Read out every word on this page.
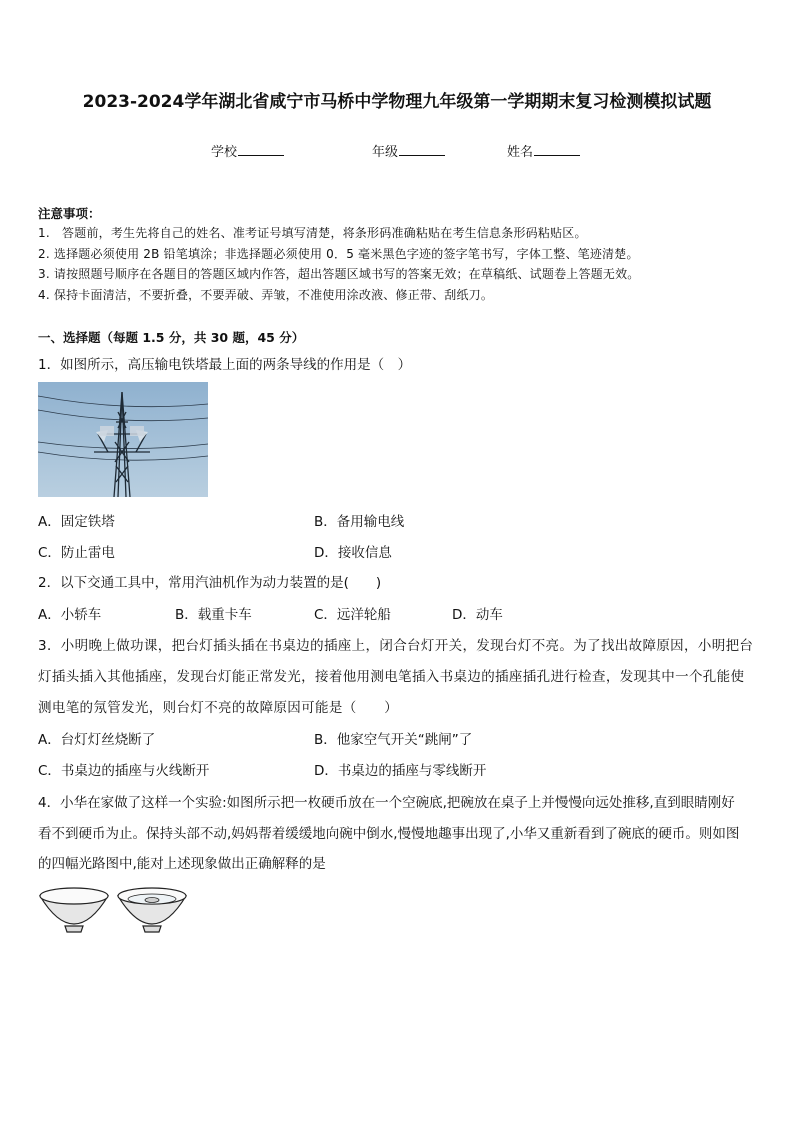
2023-2024学年湖北省咸宁市马桥中学物理九年级第一学期期末复习检测模拟试题
学校	年级	姓名
注意事项：
1.　答题前，考生先将自己的姓名、准考证号填写清楚，将条形码准确粘贴在考生信息条形码粘贴区。
2. 选择题必须使用 2B 铅笔填涂；非选择题必须使用 0．5 毫米黑色字迹的签字笔书写，字体工整、笔迹清楚。
3. 请按照题号顺序在各题目的答题区域内作答，超出答题区域书写的答案无效；在草稿纸、试题卷上答题无效。
4. 保持卡面清洁，不要折叠，不要弄破、弄皱，不准使用涂改液、修正带、刮纸刀。
一、选择题（每题 1.5 分，共 30 题，45 分）
1．如图所示，高压输电铁塔最上面的两条导线的作用是（　）
A．固定铁塔	B．备用输电线
C．防止雷电	D．接收信息
2．以下交通工具中，常用汽油机作为动力装置的是(　　)
A．小轿车	B．载重卡车	C．远洋轮船	D．动车
3．小明晚上做功课，把台灯插头插在书桌边的插座上，闭合台灯开关，发现台灯不亮。为了找出故障原因，小明把台
灯插头插入其他插座，发现台灯能正常发光，接着他用测电笔插入书桌边的插座插孔进行检查，发现其中一个孔能使
测电笔的氖管发光，则台灯不亮的故障原因可能是（　　）
A．台灯灯丝烧断了	B．他家空气开关“跳闸”了
C．书桌边的插座与火线断开	D．书桌边的插座与零线断开
4．小华在家做了这样一个实验:如图所示把一枚硬币放在一个空碗底,把碗放在桌子上并慢慢向远处推移,直到眼睛刚好
看不到硬币为止。保持头部不动,妈妈帮着缓缓地向碗中倒水,慢慢地趣事出现了,小华又重新看到了碗底的硬币。则如图
的四幅光路图中,能对上述现象做出正确解释的是
